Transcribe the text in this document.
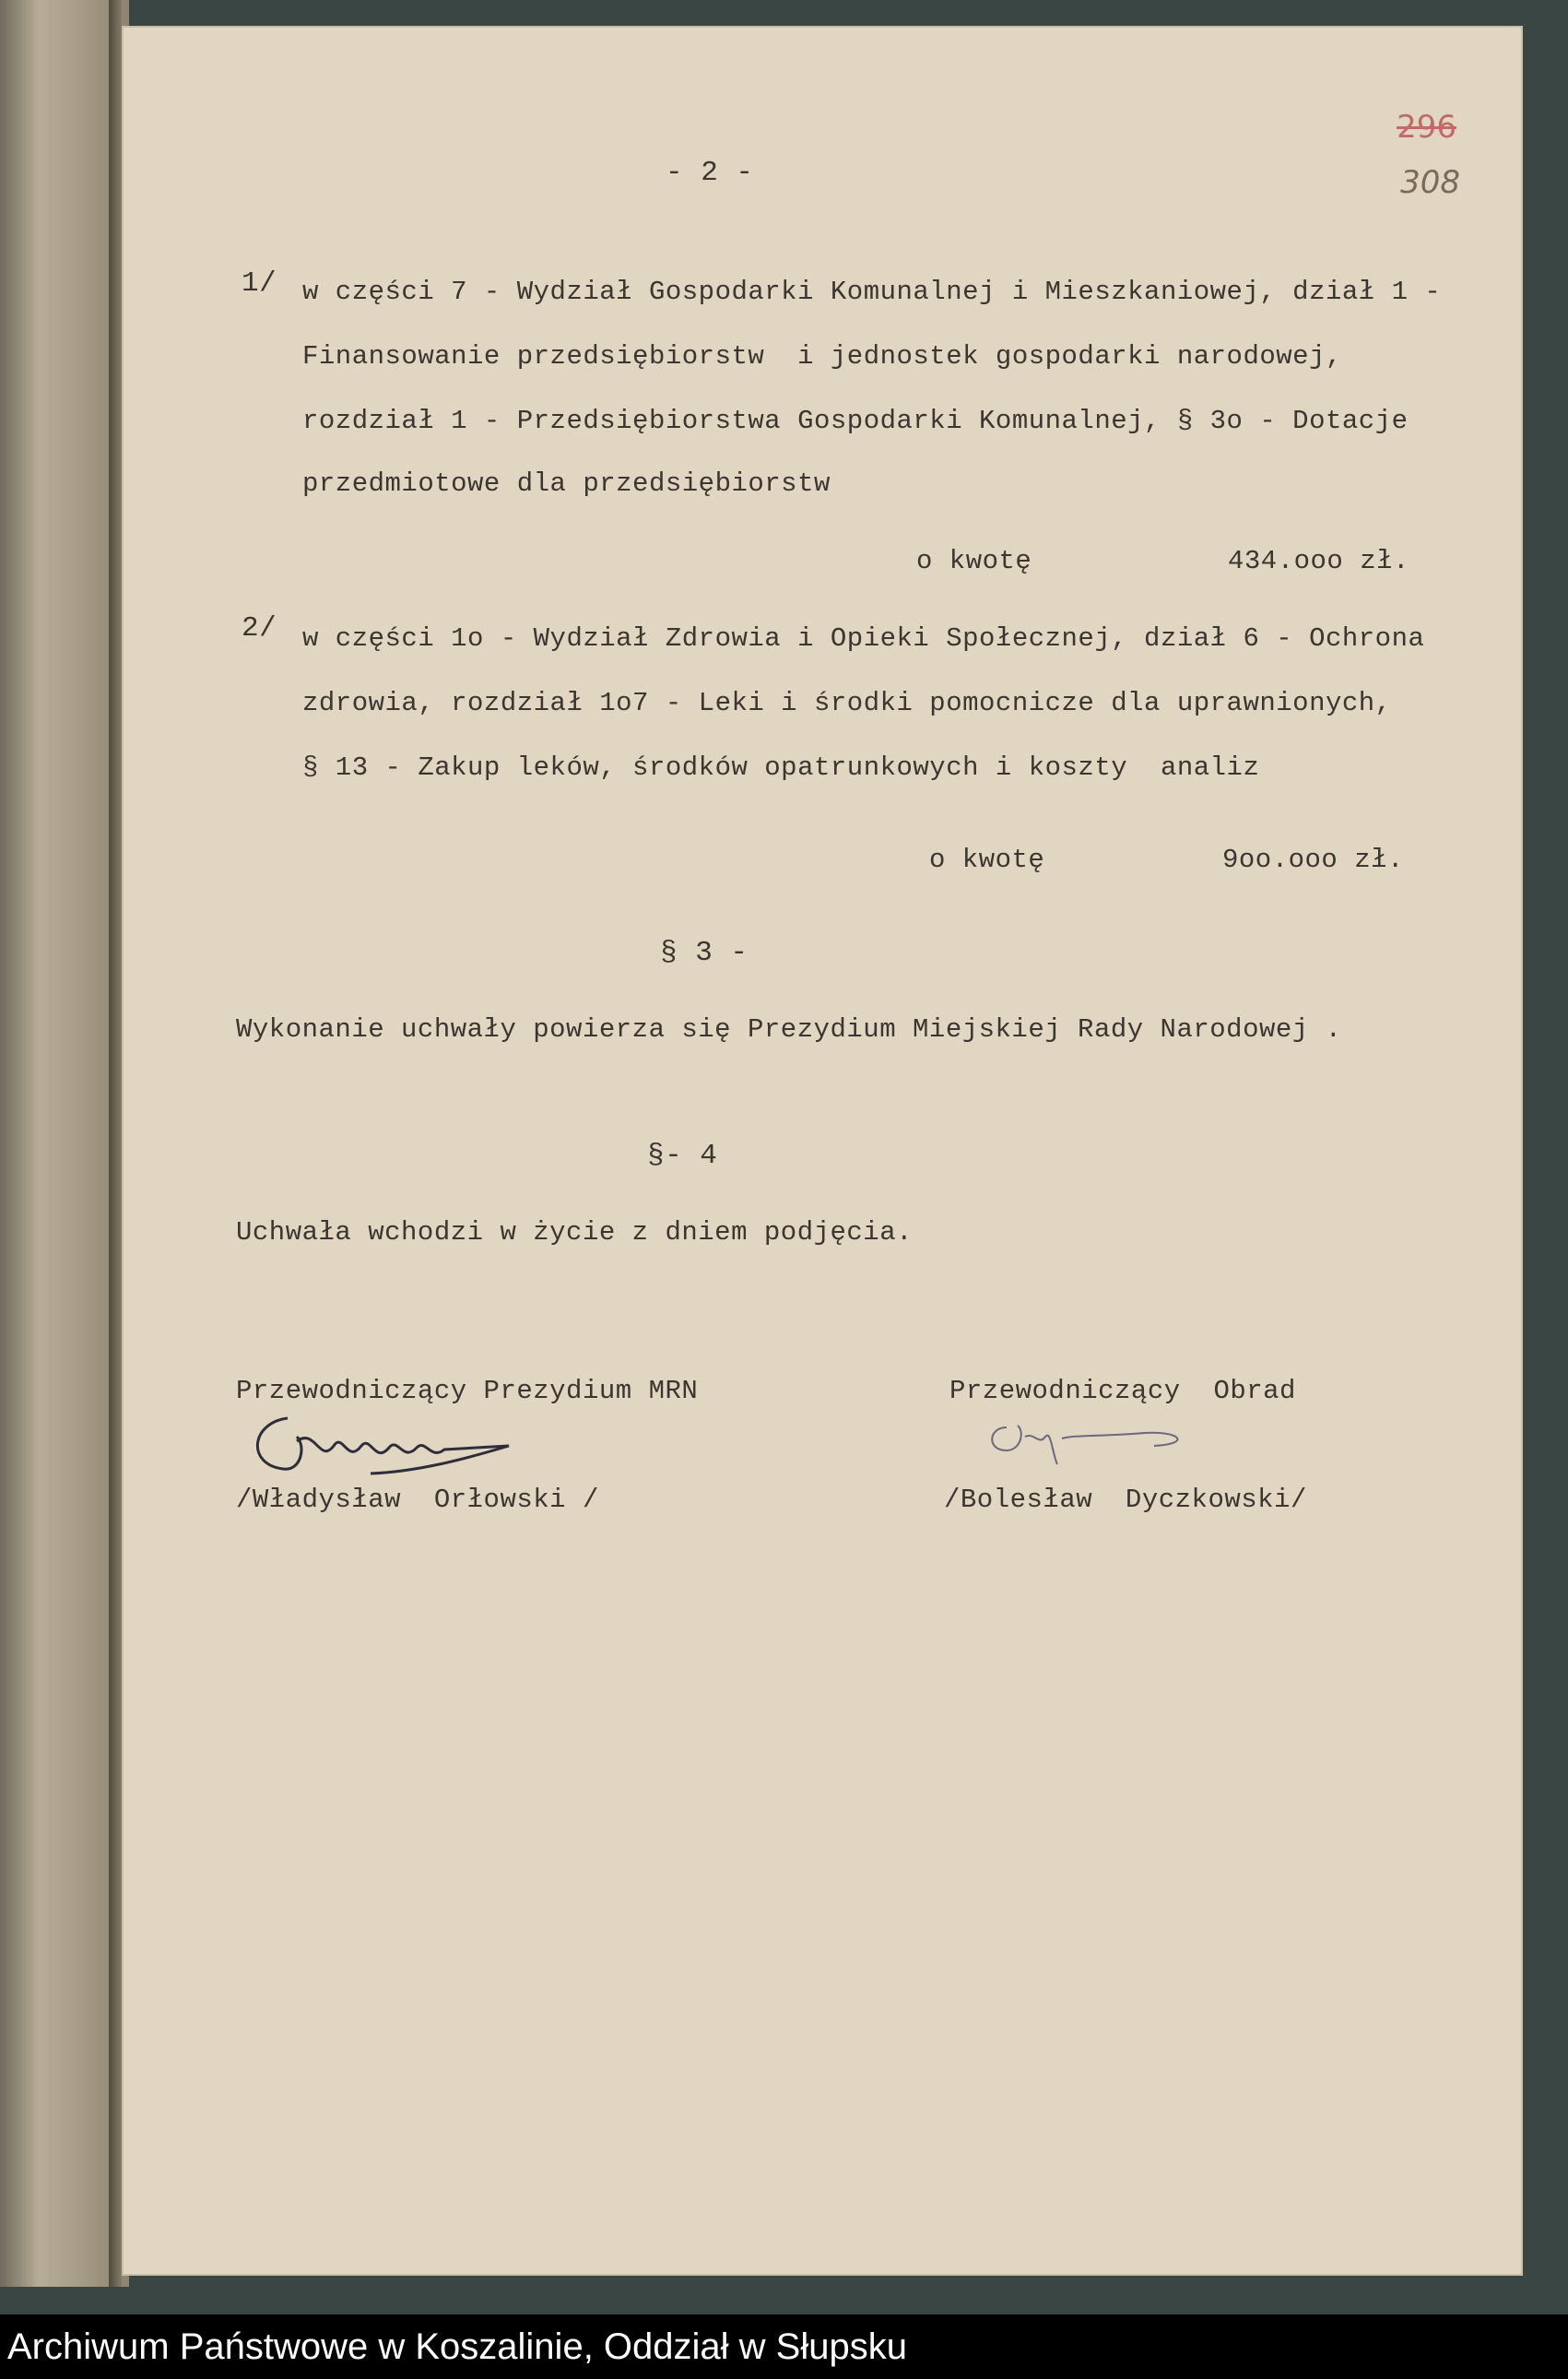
296
308
- 2 -
1/ w części 7 - Wydział Gospodarki Komunalnej i Mieszkaniowej, dział 1 -
Finansowanie przedsiębiorstw  i jednostek gospodarki narodowej,
rozdział 1 - Przedsiębiorstwa Gospodarki Komunalnej, § 3o - Dotacje
przedmiotowe dla przedsiębiorstw
o kwotę	434.ooo zł.
2/ w części 1o - Wydział Zdrowia i Opieki Społecznej, dział 6 - Ochrona
zdrowia, rozdział 1o7 - Leki i środki pomocnicze dla uprawnionych,
§ 13 - Zakup leków, środków opatrunkowych i koszty  analiz
o kwotę	9oo.ooo zł.
§ 3 -
Wykonanie uchwały powierza się Prezydium Miejskiej Rady Narodowej .
§- 4
Uchwała wchodzi w życie z dniem podjęcia.
Przewodniczący Prezydium MRN
/Władysław  Orłowski /
Przewodniczący  Obrad
/Bolesław  Dyczkowski/
Archiwum Państwowe w Koszalinie, Oddział w Słupsku
